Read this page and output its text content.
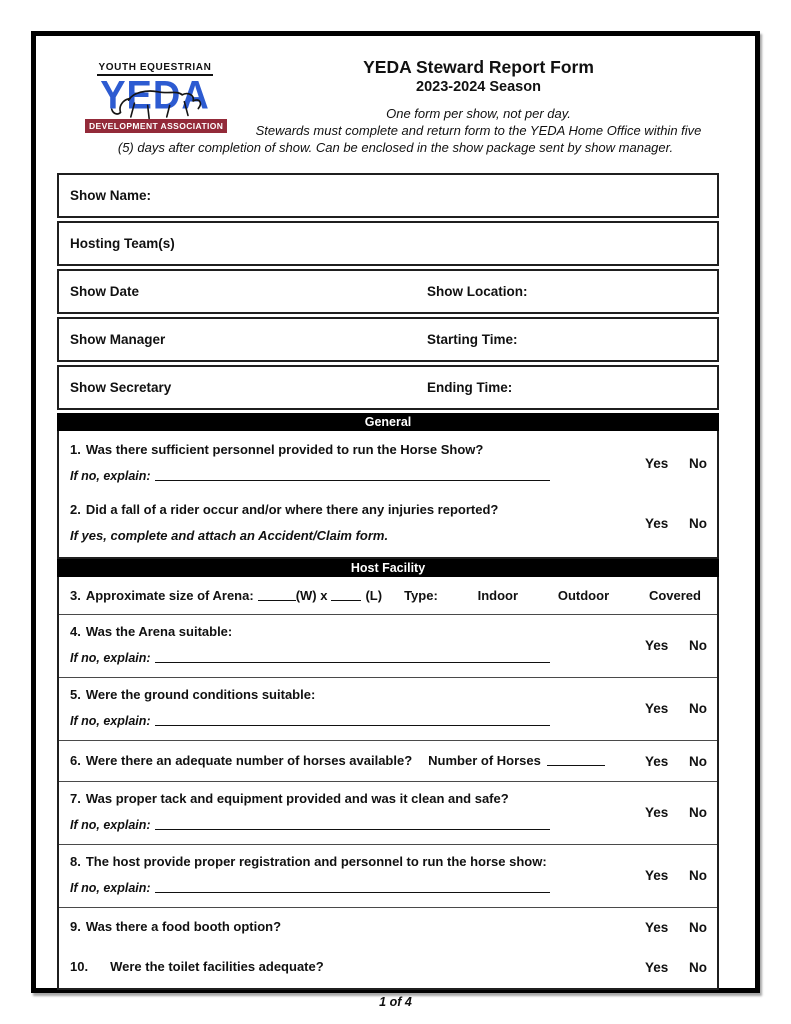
YOUTH EQUESTRIAN
YEDA
DEVELOPMENT ASSOCIATION
YEDA Steward Report Form
2023-2024 Season
One form per show, not per day.
Stewards must complete and return form to the YEDA Home Office within five
(5) days after completion of show. Can be enclosed in the show package sent by show manager.
Show Name:
Hosting Team(s)
Show Date	Show Location:
Show Manager	Starting Time:
Show Secretary	Ending Time:
General
1. Was there sufficient personnel provided to run the Horse Show?
If no, explain:
Yes No
2. Did a fall of a rider occur and/or where there any injuries reported?
If yes, complete and attach an Accident/Claim form.
Yes No
Host Facility
3. Approximate size of Arena:	(W) x	(L) Type:	Indoor	Outdoor	Covered
4. Was the Arena suitable:
If no, explain:
Yes No
5. Were the ground conditions suitable:
If no, explain:
Yes No
6. Were there an adequate number of horses available? Number of Horses	Yes No
7. Was proper tack and equipment provided and was it clean and safe?
If no, explain:
Yes No
8. The host provide proper registration and personnel to run the horse show:
If no, explain:
Yes No
9. Was there a food booth option?	Yes No
10. Were the toilet facilities adequate?	Yes No
1 of 4
